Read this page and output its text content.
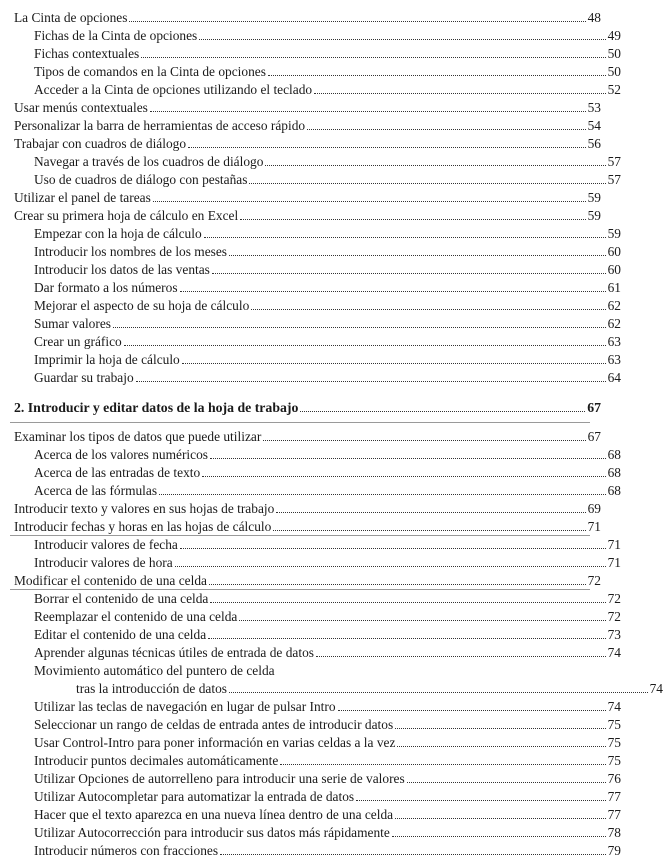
La Cinta de opciones	48
Fichas de la Cinta de opciones	49
Fichas contextuales	50
Tipos de comandos en la Cinta de opciones	50
Acceder a la Cinta de opciones utilizando el teclado	52
Usar menús contextuales	53
Personalizar la barra de herramientas de acceso rápido	54
Trabajar con cuadros de diálogo	56
Navegar a través de los cuadros de diálogo	57
Uso de cuadros de diálogo con pestañas	57
Utilizar el panel de tareas	59
Crear su primera hoja de cálculo en Excel	59
Empezar con la hoja de cálculo	59
Introducir los nombres de los meses	60
Introducir los datos de las ventas	60
Dar formato a los números	61
Mejorar el aspecto de su hoja de cálculo	62
Sumar valores	62
Crear un gráfico	63
Imprimir la hoja de cálculo	63
Guardar su trabajo	64
2. Introducir y editar datos de la hoja de trabajo	67
Examinar los tipos de datos que puede utilizar	67
Acerca de los valores numéricos	68
Acerca de las entradas de texto	68
Acerca de las fórmulas	68
Introducir texto y valores en sus hojas de trabajo	69
Introducir fechas y horas en las hojas de cálculo	71
Introducir valores de fecha	71
Introducir valores de hora	71
Modificar el contenido de una celda	72
Borrar el contenido de una celda	72
Reemplazar el contenido de una celda	72
Editar el contenido de una celda	73
Aprender algunas técnicas útiles de entrada de datos	74
Movimiento automático del puntero de celda
tras la introducción de datos	74
Utilizar las teclas de navegación en lugar de pulsar Intro	74
Seleccionar un rango de celdas de entrada antes de introducir datos	75
Usar Control-Intro para poner información en varias celdas a la vez	75
Introducir puntos decimales automáticamente	75
Utilizar Opciones de autorrelleno para introducir una serie de valores	76
Utilizar Autocompletar para automatizar la entrada de datos	77
Hacer que el texto aparezca en una nueva línea dentro de una celda	77
Utilizar Autocorrección para introducir sus datos más rápidamente	78
Introducir números con fracciones	79
